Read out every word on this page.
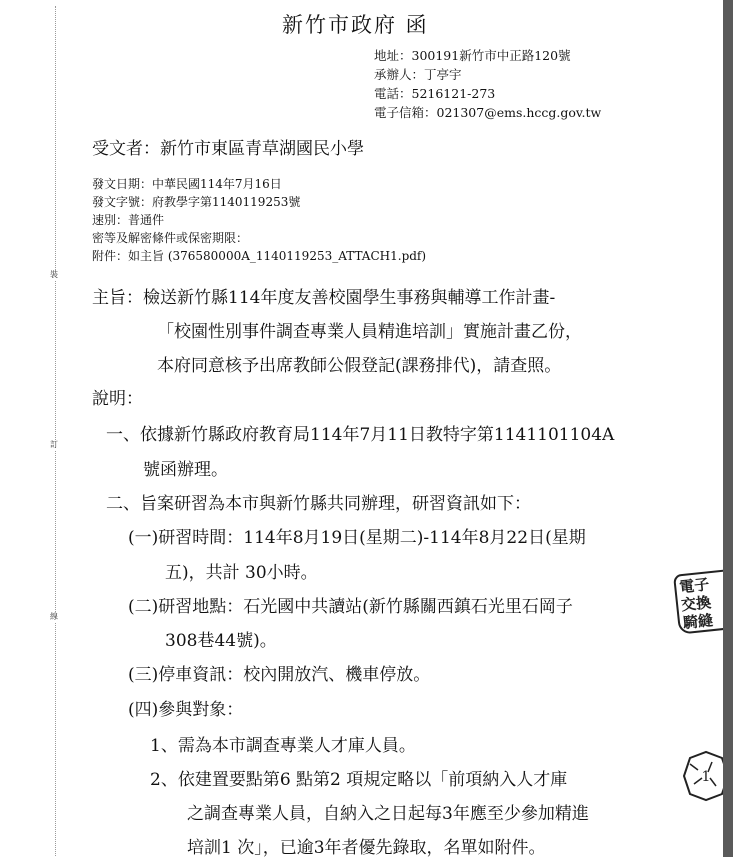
裝
訂
線
新竹市政府 函
地址：300191新竹市中正路120號
承辦人：丁亭宇
電話：5216121-273
電子信箱：021307@ems.hccg.gov.tw
受文者：新竹市東區青草湖國民小學
發文日期：中華民國114年7月16日
發文字號：府教學字第1140119253號
速別：普通件
密等及解密條件或保密期限：
附件：如主旨 (376580000A_1140119253_ATTACH1.pdf)
主旨：檢送新竹縣114年度友善校園學生事務與輔導工作計畫-
「校園性別事件調查專業人員精進培訓」實施計畫乙份，
本府同意核予出席教師公假登記(課務排代)，請查照。
說明：
一、依據新竹縣政府教育局114年7月11日教特字第1141101104A
號函辦理。
二、旨案研習為本市與新竹縣共同辦理，研習資訊如下：
(一)研習時間：114年8月19日(星期二)-114年8月22日(星期
五)，共計 30小時。
(二)研習地點：石光國中共讀站(新竹縣關西鎮石光里石岡子
308巷44號)。
(三)停車資訊：校內開放汽、機車停放。
(四)參與對象：
1、需為本市調查專業人才庫人員。
2、依建置要點第6 點第2 項規定略以「前項納入人才庫
之調查專業人員，自納入之日起每3年應至少參加精進
培訓1 次」，已逾3年者優先錄取，名單如附件。
電子交換騎縫
1
